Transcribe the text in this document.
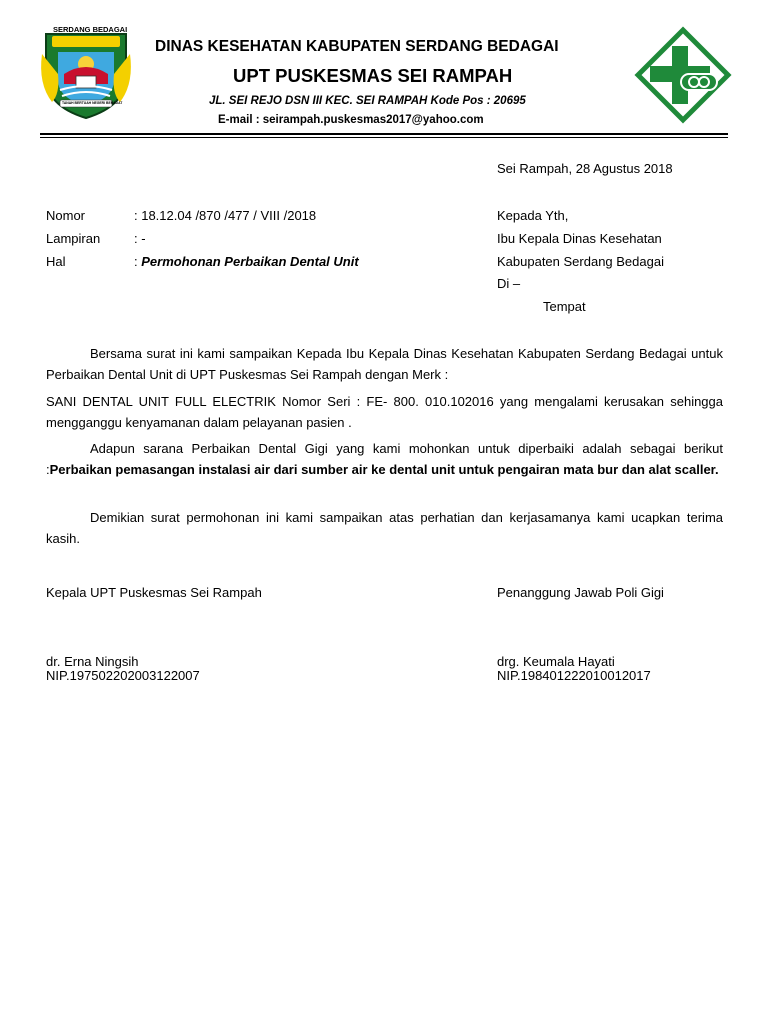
SERDANG BEDAGAI
TANAH BERTUAH NEGERI BERADAT
DINAS KESEHATAN KABUPATEN SERDANG BEDAGAI
UPT PUSKESMAS SEI RAMPAH
JL. SEI REJO DSN III KEC. SEI RAMPAH Kode Pos : 20695
E-mail : seirampah.puskesmas2017@yahoo.com
Sei Rampah, 28 Agustus 2018
Nomor	: 18.12.04 /870 /477 / VIII /2018
Lampiran	: -
Hal	: Permohonan Perbaikan Dental Unit
Kepada Yth,
Ibu Kepala Dinas Kesehatan
Kabupaten Serdang Bedagai
Di –
Tempat

Bersama surat ini kami sampaikan Kepada Ibu Kepala Dinas Kesehatan Kabupaten Serdang Bedagai untuk Perbaikan Dental Unit di UPT Puskesmas Sei Rampah dengan Merk :

SANI DENTAL UNIT FULL ELECTRIK Nomor Seri : FE- 800. 010.102016 yang mengalami kerusakan sehingga mengganggu kenyamanan dalam pelayanan pasien .

Adapun sarana Perbaikan Dental Gigi yang kami mohonkan untuk diperbaiki adalah sebagai berikut :Perbaikan pemasangan instalasi air dari sumber air ke dental unit untuk pengairan mata bur dan alat scaller.

Demikian surat permohonan ini kami sampaikan atas perhatian dan kerjasamanya kami ucapkan terima kasih.

Kepala UPT Puskesmas Sei Rampah
dr. Erna Ningsih
NIP.197502202003122007
Penanggung Jawab Poli Gigi
drg. Keumala Hayati
NIP.198401222010012017
